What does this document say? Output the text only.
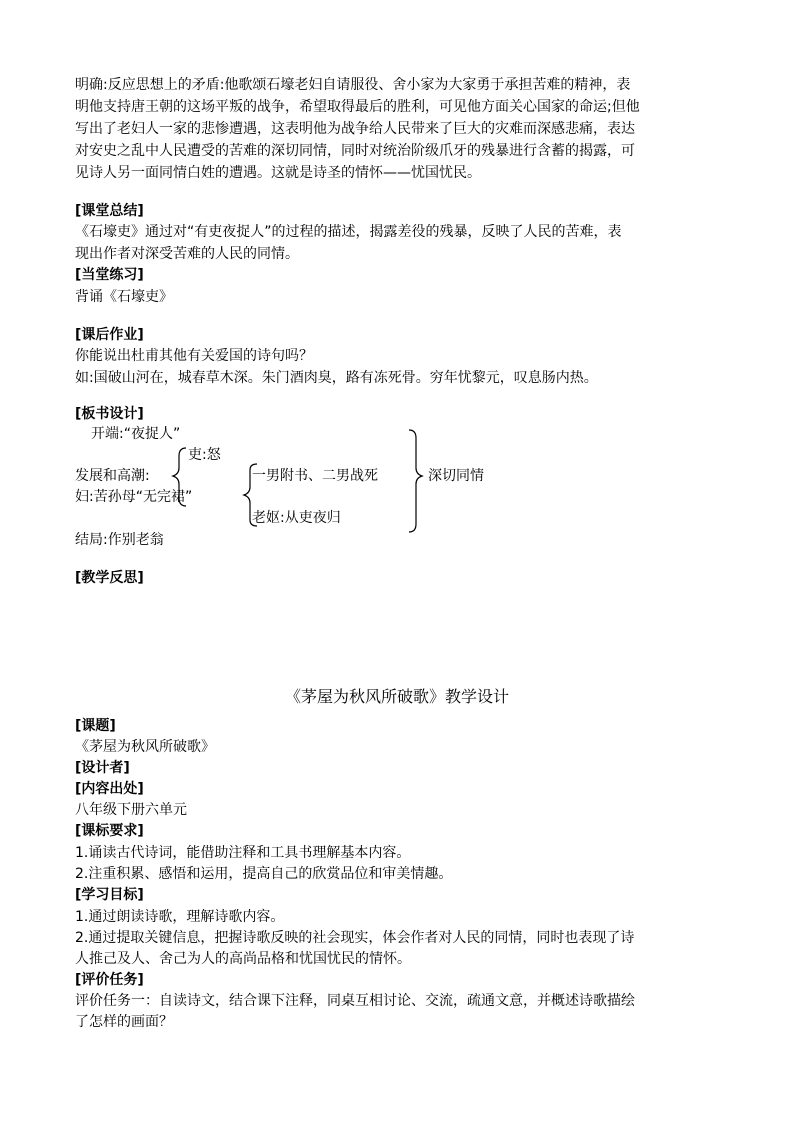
明确:反应思想上的矛盾:他歌颂石壕老妇自请服役、舍小家为大家勇于承担苦难的精神，表
明他支持唐王朝的这场平叛的战争，希望取得最后的胜利，可见他方面关心国家的命运;但他
写出了老妇人一家的悲惨遭遇，这表明他为战争给人民带来了巨大的灾难而深感悲痛，表达
对安史之乱中人民遭受的苦难的深切同情，同时对统治阶级爪牙的残暴进行含蓄的揭露，可
见诗人另一面同情白姓的遭遇。这就是诗圣的情怀——忧国忧民。
[课堂总结]
《石壕吏》通过对“有吏夜捉人”的过程的描述，揭露差役的残暴，反映了人民的苦难，表
现出作者对深受苦难的人民的同情。
[当堂练习]
背诵《石壕吏》
[课后作业]
你能说出杜甫其他有关爱国的诗句吗？
如:国破山河在，城春草木深。朱门酒肉臭，路有冻死骨。穷年忧黎元，叹息肠内热。
[板书设计]
开端:“夜捉人”
吏:怒
发展和高潮:
妇:苦孙母“无完裙”
一男附书、二男战死
老妪:从吏夜归
深切同情
结局:作别老翁
[教学反思]
《茅屋为秋风所破歌》教学设计
[课题]
《茅屋为秋风所破歌》
[设计者]
[内容出处]
八年级下册六单元
[课标要求]
1.诵读古代诗词，能借助注释和工具书理解基本内容。
2.注重积累、感悟和运用，提高自己的欣赏品位和审美情趣。
[学习目标]
1.通过朗读诗歌，理解诗歌内容。
2.通过提取关键信息，把握诗歌反映的社会现实，体会作者对人民的同情，同时也表现了诗
人推己及人、舍己为人的高尚品格和忧国忧民的情怀。
[评价任务]
评价任务一：自读诗文，结合课下注释，同桌互相讨论、交流，疏通文意，并概述诗歌描绘
了怎样的画面？
